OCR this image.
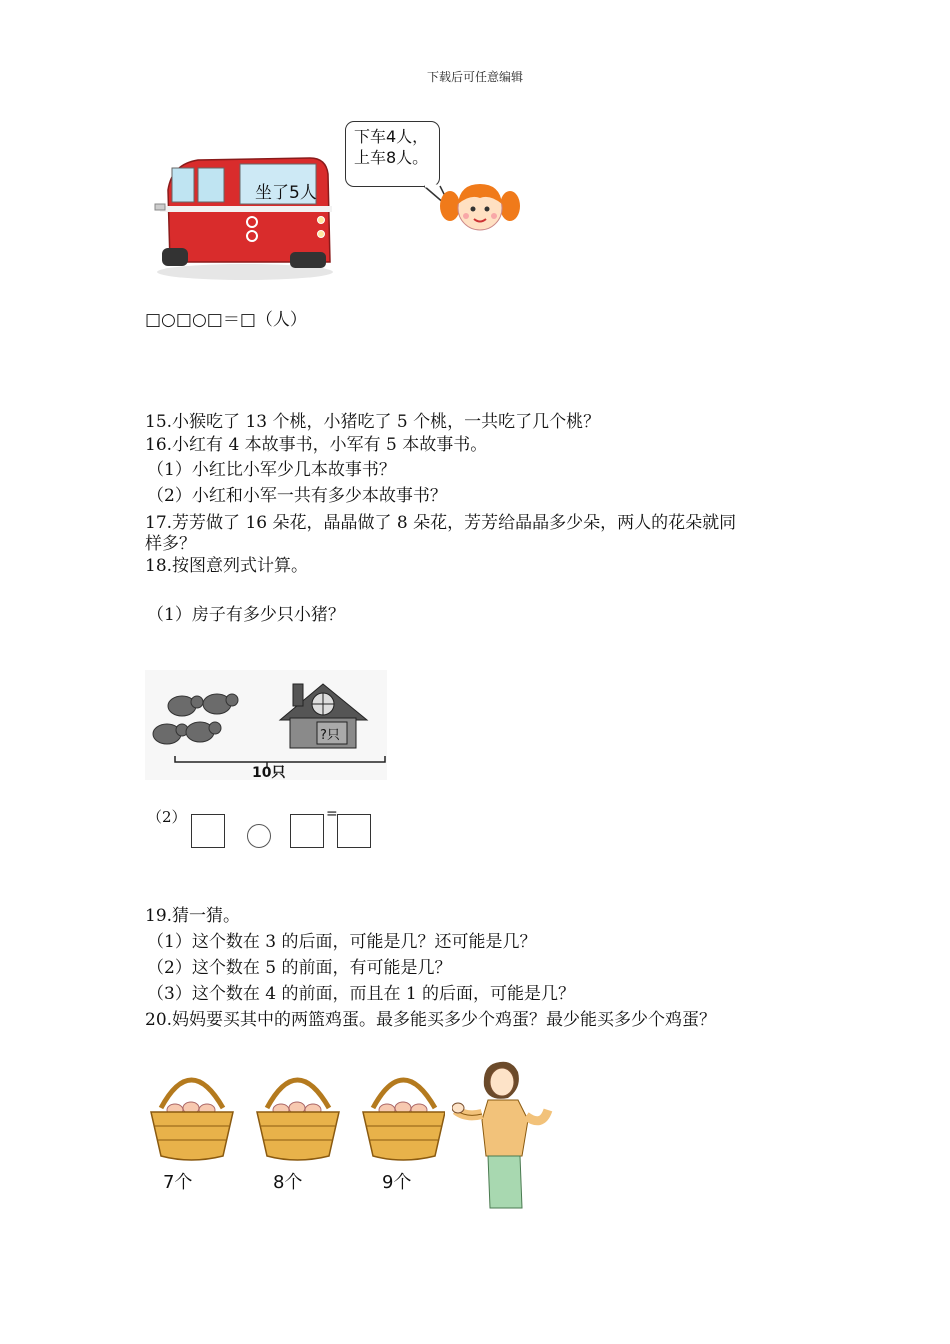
下载后可任意编辑
坐了5人
下车4人，
上车8人。
□○□○□＝□（人）
15.小猴吃了 13 个桃，小猪吃了 5 个桃，一共吃了几个桃？
16.小红有 4 本故事书，小军有 5 本故事书。
（1）小红比小军少几本故事书？
（2）小红和小军一共有多少本故事书？
17.芳芳做了 16 朵花，晶晶做了 8 朵花，芳芳给晶晶多少朵，两人的花朵就同
样多？
18.按图意列式计算。
（1）房子有多少只小猪？
?只
10只
（2）	=
19.猜一猜。
（1）这个数在 3 的后面，可能是几？还可能是几？
（2）这个数在 5 的前面，有可能是几？
（3）这个数在 4 的前面，而且在 1 的后面，可能是几？
20.妈妈要买其中的两篮鸡蛋。最多能买多少个鸡蛋？最少能买多少个鸡蛋？
7个	8个	9个
